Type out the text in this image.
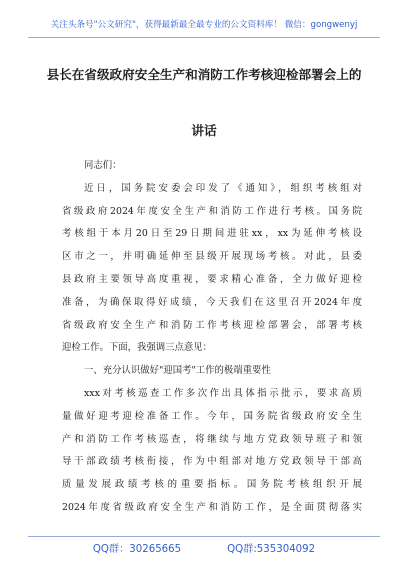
关注头条号"公文研究"，获得最新最全最专业的公文资料库！ 微信：gongwenyj
县长在省级政府安全生产和消防工作考核迎检部署会上的
讲话
同志们：
近日，国务院安委会印发了《通知》，组织考核组对
省级政府2024年度安全生产和消防工作进行考核。国务院
考核组于本月20日至29日期间进驻xx，xx为延伸考核设
区市之一，并明确延伸至县级开展现场考核。对此，县委
县政府主要领导高度重视，要求精心准备，全力做好迎检
准备，为确保取得好成绩，今天我们在这里召开2024年度
省级政府安全生产和消防工作考核迎检部署会，部署考核
迎检工作。下面，我强调三点意见：
一、充分认识做好"迎国考"工作的极端重要性
xxx对考核巡查工作多次作出具体指示批示，要求高质
量做好迎考迎检准备工作。今年，国务院省级政府安全生
产和消防工作考核巡查，将继续与地方党政领导班子和领
导干部政绩考核衔接，作为中组部对地方党政领导干部高
质量发展政绩考核的重要指标。国务院考核组织开展
2024年度省级政府安全生产和消防工作，是全面贯彻落实
QQ群：30265665	QQ群:535304092
